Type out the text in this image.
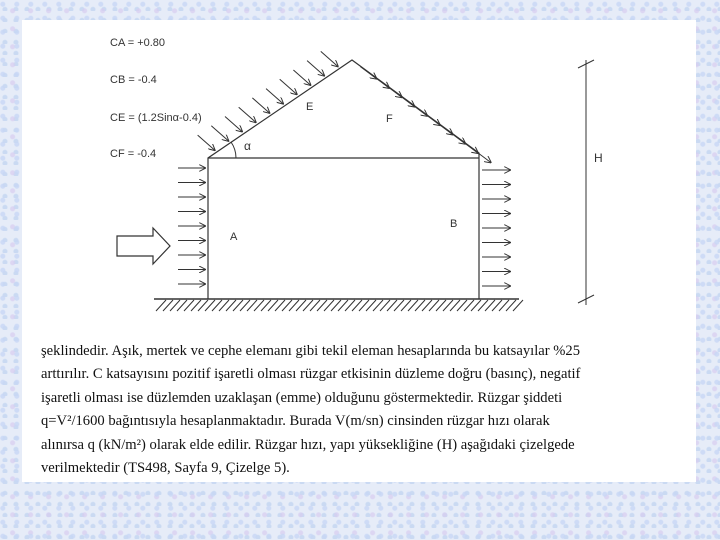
CA = +0.80
CB = -0.4
CE = (1.2Sinα-0.4)
CF = -0.4
α
E
F
A
B
H
şeklindedir. Aşık, mertek ve cephe elemanı gibi tekil eleman hesaplarında bu katsayılar %25
arttırılır. C katsayısını pozitif işaretli olması rüzgar etkisinin düzleme doğru (basınç), negatif
işaretli olması ise düzlemden uzaklaşan (emme) olduğunu göstermektedir. Rüzgar şiddeti
q=V²/1600 bağıntısıyla hesaplanmaktadır. Burada V(m/sn) cinsinden rüzgar hızı olarak
alınırsa q (kN/m²) olarak elde edilir. Rüzgar hızı, yapı yüksekliğine (H) aşağıdaki çizelgede
verilmektedir (TS498, Sayfa 9, Çizelge 5).
